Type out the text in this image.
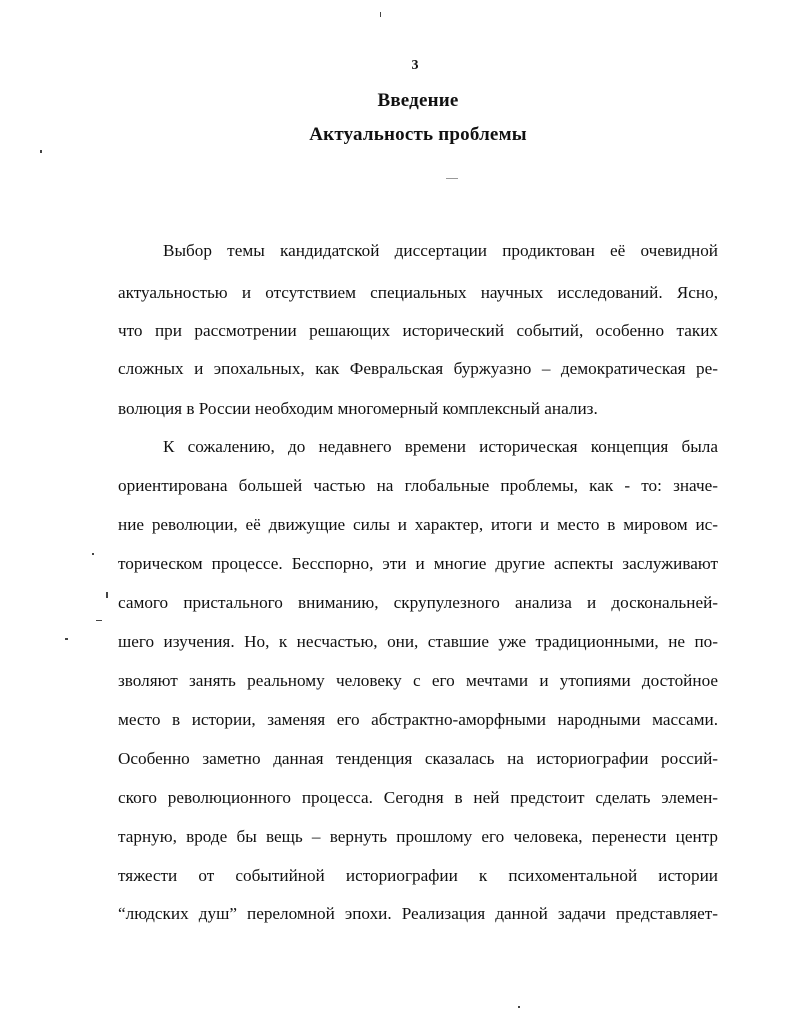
3
Введение
Актуальность проблемы
Выбор темы кандидатской диссертации продиктован её очевидной
актуальностью и отсутствием специальных научных исследований. Ясно,
что при рассмотрении решающих исторический событий, особенно таких
сложных и эпохальных, как Февральская буржуазно – демократическая ре-
волюция в России необходим многомерный комплексный анализ.
К сожалению, до недавнего времени историческая концепция была
ориентирована большей частью на глобальные проблемы, как - то: значе-
ние революции, её движущие силы и характер, итоги и место в мировом ис-
торическом процессе. Бесспорно, эти и многие другие аспекты заслуживают
самого пристального вниманию, скрупулезного анализа и доскональней-
шего изучения. Но, к несчастью, они, ставшие уже традиционными, не по-
зволяют занять реальному человеку с его мечтами и утопиями достойное
место в истории, заменяя его абстрактно-аморфными народными массами.
Особенно заметно данная тенденция сказалась на историографии россий-
ского революционного процесса. Сегодня в ней предстоит сделать элемен-
тарную, вроде бы вещь – вернуть прошлому его человека, перенести центр
тяжести от событийной историографии к психоментальной истории
“людских душ” переломной эпохи. Реализация данной задачи представляет-
